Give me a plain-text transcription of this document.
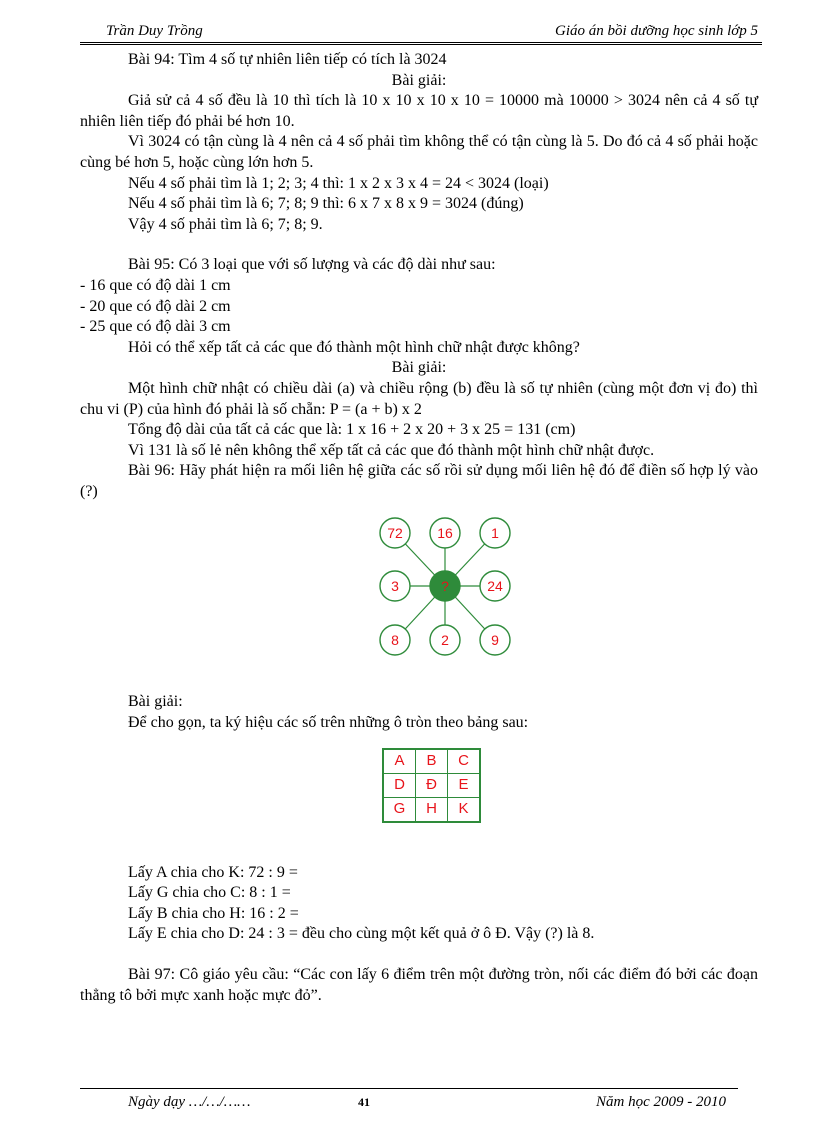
Trần Duy Trồng	Giáo án bồi dưỡng học sinh lớp 5

Bài 94: Tìm 4 số tự nhiên liên tiếp có tích là 3024

Bài giải:

Giả sử cả 4 số đều là 10 thì tích là 10 x 10 x 10 x 10 = 10000 mà 10000 > 3024 nên cả 4 số tự nhiên liên tiếp đó phải bé hơn 10.

Vì 3024 có tận cùng là 4 nên cả 4 số phải tìm không thể có tận cùng là 5. Do đó cả 4 số phải hoặc cùng bé hơn 5, hoặc cùng lớn hơn 5.

Nếu 4 số phải tìm là 1; 2; 3; 4 thì: 1 x 2 x 3 x 4 = 24 < 3024 (loại)

Nếu 4 số phải tìm là 6; 7; 8; 9 thì: 6 x 7 x 8 x 9 = 3024 (đúng)

Vậy 4 số phải tìm là 6; 7; 8; 9.

Bài 95: Có 3 loại que với số lượng và các độ dài như sau:

- 16 que có độ dài 1 cm

- 20 que có độ dài 2 cm

- 25 que có độ dài 3 cm

Hỏi có thể xếp tất cả các que đó thành một hình chữ nhật được không?

Bài giải:

Một hình chữ nhật có chiều dài (a) và chiều rộng (b) đều là số tự nhiên (cùng một đơn vị đo) thì chu vi (P) của hình đó phải là số chẵn: P = (a + b) x 2

Tổng độ dài của tất cả các que là: 1 x 16 + 2 x 20 + 3 x 25 = 131 (cm)

Vì 131 là số lẻ nên không thể xếp tất cả các que đó thành một hình chữ nhật được.

Bài 96: Hãy phát hiện ra mối liên hệ giữa các số rồi sử dụng mối liên hệ đó để điền số hợp lý vào (?)

72 16	1
3	24
8	2	9
?

Bài giải:

Để cho gọn, ta ký hiệu các số trên những ô tròn theo bảng sau:

A	B	C
D	Đ	E
G	H	K

Lấy A chia cho K: 72 : 9 =

Lấy G chia cho C: 8 : 1 =

Lấy B chia cho H: 16 : 2 =

Lấy E chia cho D: 24 : 3 = đều cho cùng một kết quả ở ô Đ. Vậy (?) là 8.

Bài 97: Cô giáo yêu cầu: “Các con lấy 6 điểm trên một đường tròn, nối các điểm đó bởi các đoạn thẳng tô bởi mực xanh hoặc mực đỏ”.

Ngày dạy …/…/……	41	Năm học 2009 - 2010
